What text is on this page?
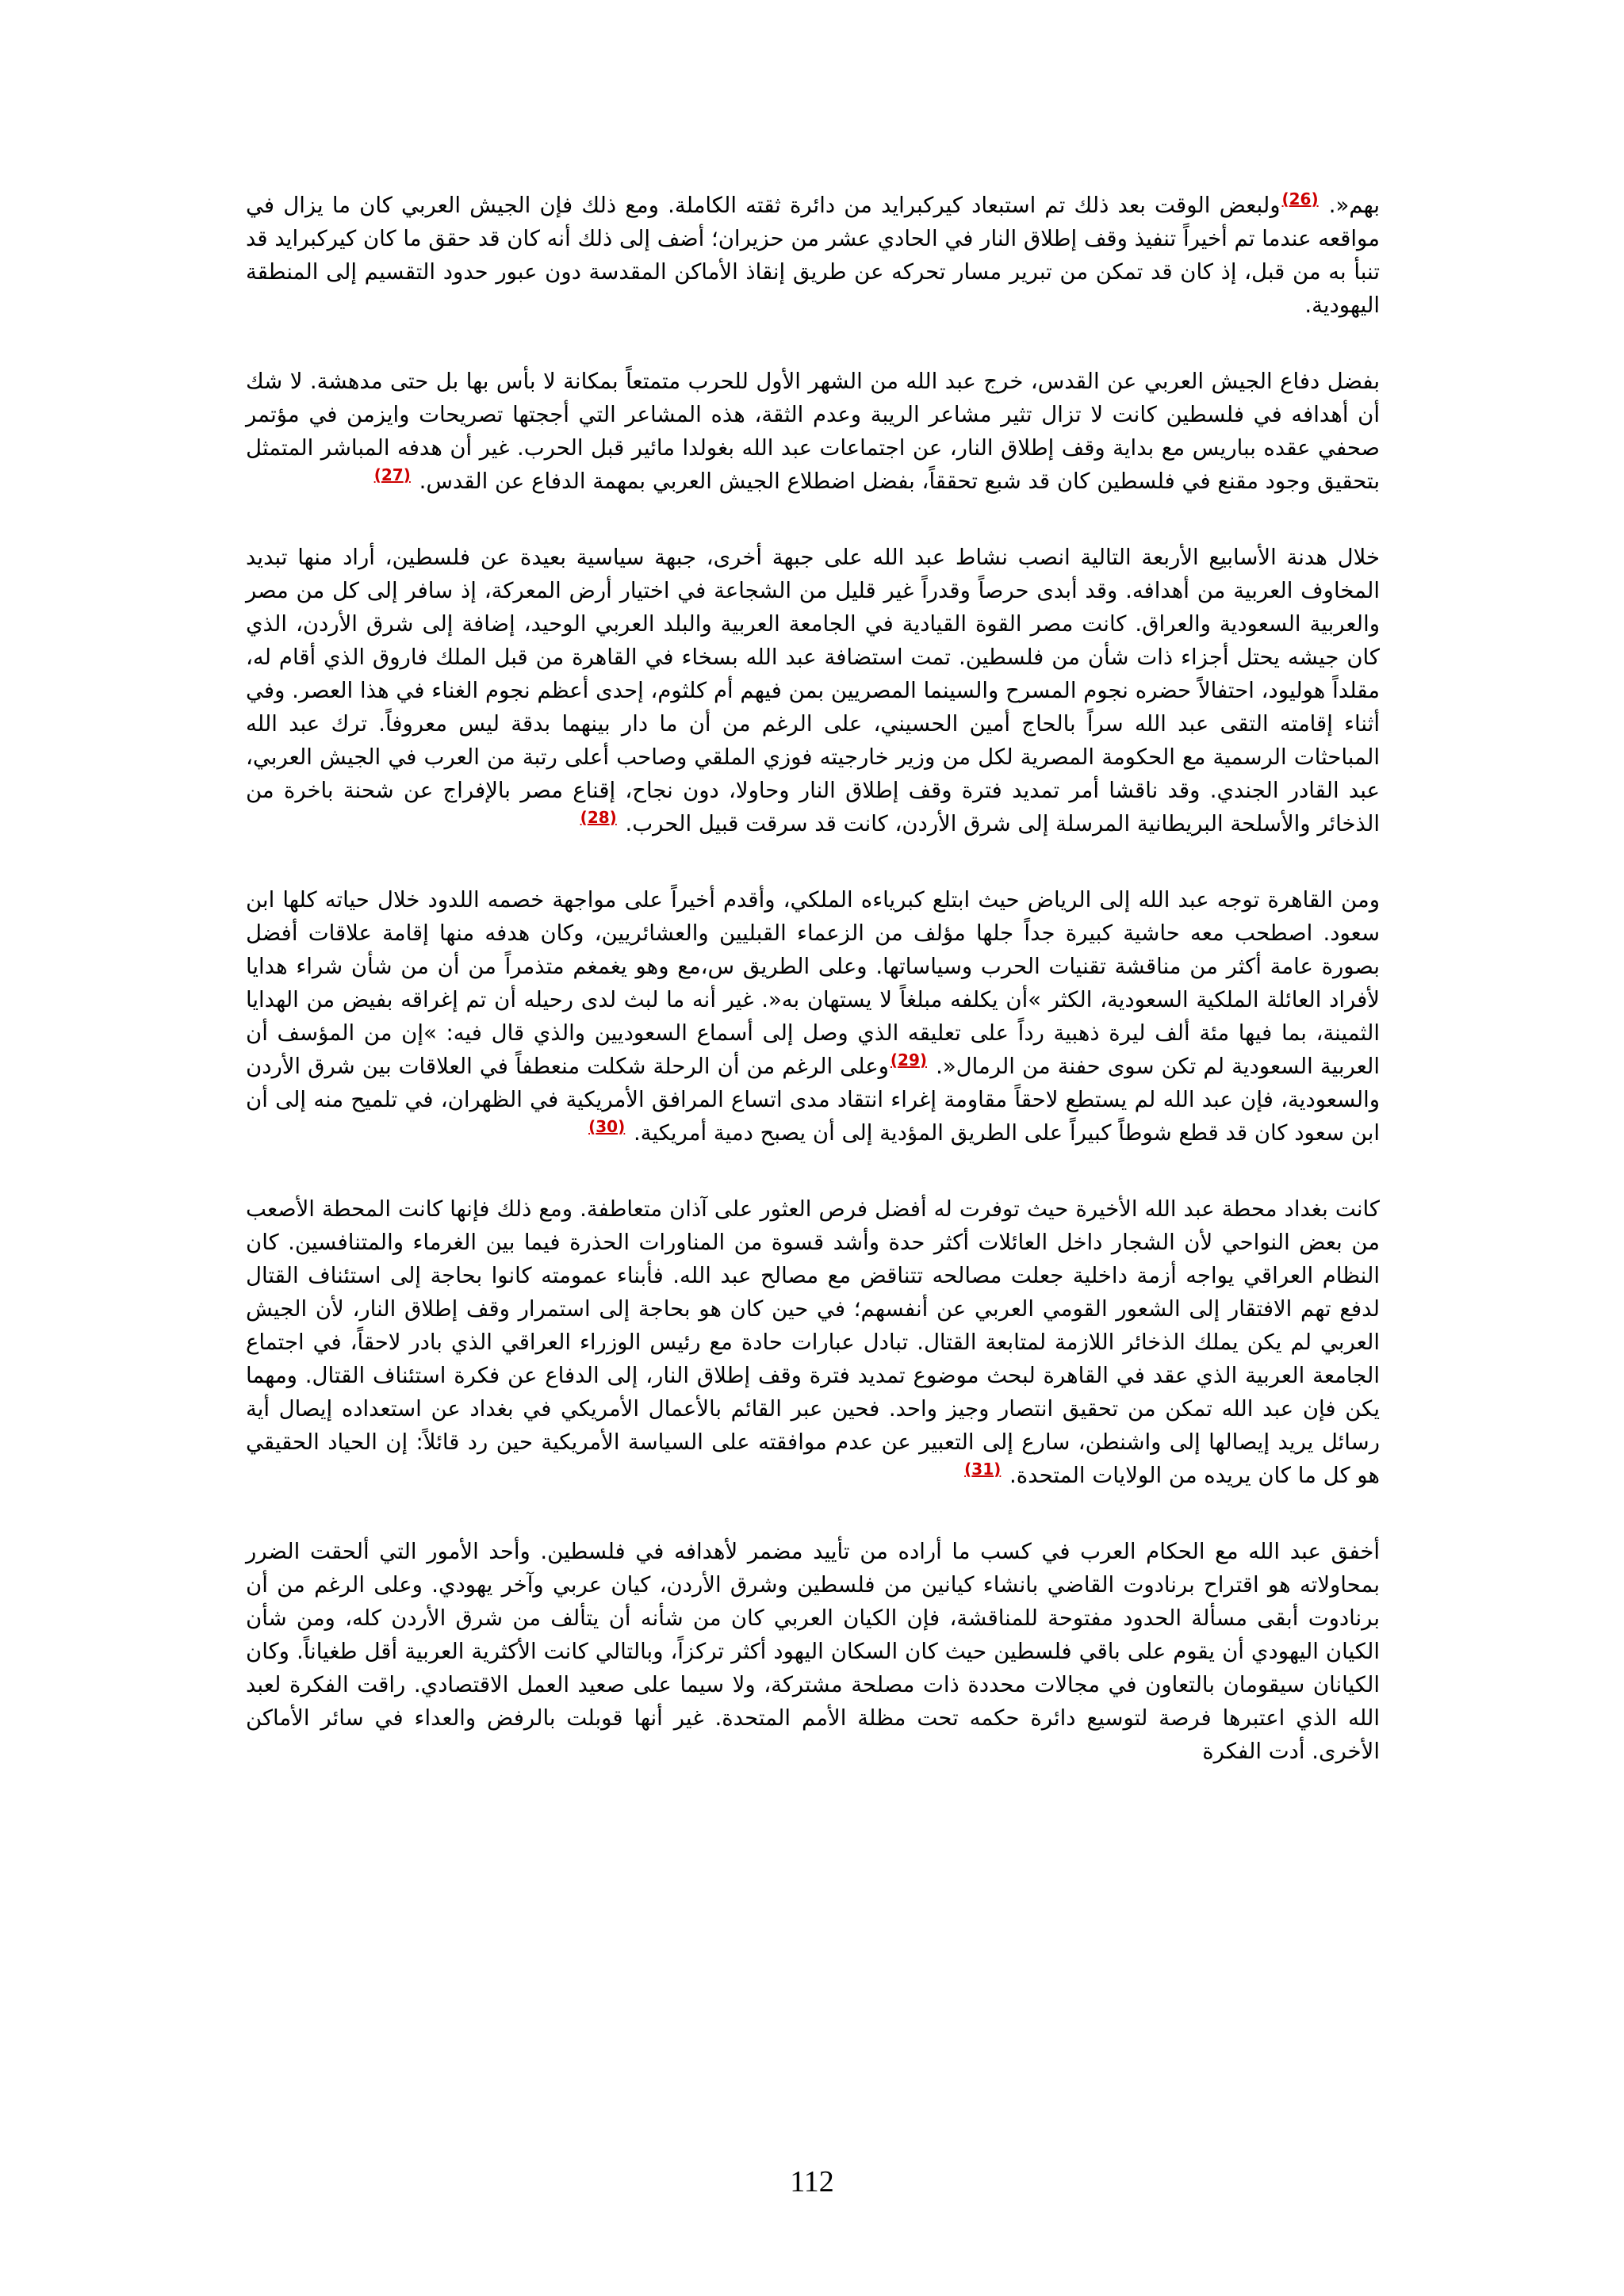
بهم«. $^{(26)}$ولبعض الوقت بعد ذلك تم استبعاد كيركبرايد من دائرة ثقته الكاملة. ومع ذلك فإن الجيش العربي كان ما يزال في مواقعه عندما تم أخيراً تنفيذ وقف إطلاق النار في الحادي عشر من حزيران؛ أضف إلى ذلك أنه كان قد حقق ما كان كيركبرايد قد تنبأ به من قبل، إذ كان قد تمكن من تبرير مسار تحركه عن طريق إنقاذ الأماكن المقدسة دون عبور حدود التقسيم إلى المنطقة اليهودية.

بفضل دفاع الجيش العربي عن القدس، خرج عبد الله من الشهر الأول للحرب متمتعاً بمكانة لا بأس بها بل حتى مدهشة. لا شك أن أهدافه في فلسطين كانت لا تزال تثير مشاعر الريبة وعدم الثقة، هذه المشاعر التي أججتها تصريحات وايزمن في مؤتمر صحفي عقده بباريس مع بداية وقف إطلاق النار، عن اجتماعات عبد الله بغولدا مائير قبل الحرب. غير أن هدفه المباشر المتمثل بتحقيق وجود مقنع في فلسطين كان قد شبع تحققاً، بفضل اضطلاع الجيش العربي بمهمة الدفاع عن القدس. $^{(27)}$

خلال هدنة الأسابيع الأربعة التالية انصب نشاط عبد الله على جبهة أخرى، جبهة سياسية بعيدة عن فلسطين، أراد منها تبديد المخاوف العربية من أهدافه. وقد أبدى حرصاً وقدراً غير قليل من الشجاعة في اختيار أرض المعركة، إذ سافر إلى كل من مصر والعربية السعودية والعراق. كانت مصر القوة القيادية في الجامعة العربية والبلد العربي الوحيد، إضافة إلى شرق الأردن، الذي كان جيشه يحتل أجزاء ذات شأن من فلسطين. تمت استضافة عبد الله بسخاء في القاهرة من قبل الملك فاروق الذي أقام له، مقلداً هوليود، احتفالاً حضره نجوم المسرح والسينما المصريين بمن فيهم أم كلثوم، إحدى أعظم نجوم الغناء في هذا العصر. وفي أثناء إقامته التقى عبد الله سراً بالحاج أمين الحسيني، على الرغم من أن ما دار بينهما بدقة ليس معروفاً. ترك عبد الله المباحثات الرسمية مع الحكومة المصرية لكل من وزير خارجيته فوزي الملقي وصاحب أعلى رتبة من العرب في الجيش العربي، عبد القادر الجندي. وقد ناقشا أمر تمديد فترة وقف إطلاق النار وحاولا، دون نجاح، إقناع مصر بالإفراج عن شحنة باخرة من الذخائر والأسلحة البريطانية المرسلة إلى شرق الأردن، كانت قد سرقت قبيل الحرب. $^{(28)}$

ومن القاهرة توجه عبد الله إلى الرياض حيث ابتلع كبرياءه الملكي، وأقدم أخيراً على مواجهة خصمه اللدود خلال حياته كلها ابن سعود. اصطحب معه حاشية كبيرة جداً جلها مؤلف من الزعماء القبليين والعشائريين، وكان هدفه منها إقامة علاقات أفضل بصورة عامة أكثر من مناقشة تقنيات الحرب وسياساتها. وعلى الطريق س،مع وهو يغمغم متذمراً من أن من شأن شراء هدايا لأفراد العائلة الملكية السعودية، الكثر »أن يكلفه مبلغاً لا يستهان به«. غير أنه ما لبث لدى رحيله أن تم إغراقه بفيض من الهدايا الثمينة، بما فيها مئة ألف ليرة ذهبية رداً على تعليقه الذي وصل إلى أسماع السعوديين والذي قال فيه: »إن من المؤسف أن العربية السعودية لم تكن سوى حفنة من الرمال«. $^{(29)}$وعلى الرغم من أن الرحلة شكلت منعطفاً في العلاقات بين شرق الأردن والسعودية، فإن عبد الله لم يستطع لاحقاً مقاومة إغراء انتقاد مدى اتساع المرافق الأمريكية في الظهران، في تلميح منه إلى أن ابن سعود كان قد قطع شوطاً كبيراً على الطريق المؤدية إلى أن يصبح دمية أمريكية. $^{(30)}$

كانت بغداد محطة عبد الله الأخيرة حيث توفرت له أفضل فرص العثور على آذان متعاطفة. ومع ذلك فإنها كانت المحطة الأصعب من بعض النواحي لأن الشجار داخل العائلات أكثر حدة وأشد قسوة من المناورات الحذرة فيما بين الغرماء والمتنافسين. كان النظام العراقي يواجه أزمة داخلية جعلت مصالحه تتناقض مع مصالح عبد الله. فأبناء عمومته كانوا بحاجة إلى استئناف القتال لدفع تهم الافتقار إلى الشعور القومي العربي عن أنفسهم؛ في حين كان هو بحاجة إلى استمرار وقف إطلاق النار، لأن الجيش العربي لم يكن يملك الذخائر اللازمة لمتابعة القتال. تبادل عبارات حادة مع رئيس الوزراء العراقي الذي بادر لاحقاً، في اجتماع الجامعة العربية الذي عقد في القاهرة لبحث موضوع تمديد فترة وقف إطلاق النار، إلى الدفاع عن فكرة استئناف القتال. ومهما يكن فإن عبد الله تمكن من تحقيق انتصار وجيز واحد. فحين عبر القائم بالأعمال الأمريكي في بغداد عن استعداده إيصال أية رسائل يريد إيصالها إلى واشنطن، سارع إلى التعبير عن عدم موافقته على السياسة الأمريكية حين رد قائلاً: إن الحياد الحقيقي هو كل ما كان يريده من الولايات المتحدة. $^{(31)}$

أخفق عبد الله مع الحكام العرب في كسب ما أراده من تأييد مضمر لأهدافه في فلسطين. وأحد الأمور التي ألحقت الضرر بمحاولاته هو اقتراح برنادوت القاضي بانشاء كيانين من فلسطين وشرق الأردن، كيان عربي وآخر يهودي. وعلى الرغم من أن برنادوت أبقى مسألة الحدود مفتوحة للمناقشة، فإن الكيان العربي كان من شأنه أن يتألف من شرق الأردن كله، ومن شأن الكيان اليهودي أن يقوم على باقي فلسطين حيث كان السكان اليهود أكثر تركزاً، وبالتالي كانت الأكثرية العربية أقل طغياناً. وكان الكيانان سيقومان بالتعاون في مجالات محددة ذات مصلحة مشتركة، ولا سيما على صعيد العمل الاقتصادي. راقت الفكرة لعبد الله الذي اعتبرها فرصة لتوسيع دائرة حكمه تحت مظلة الأمم المتحدة. غير أنها قوبلت بالرفض والعداء في سائر الأماكن الأخرى. أدت الفكرة

112
